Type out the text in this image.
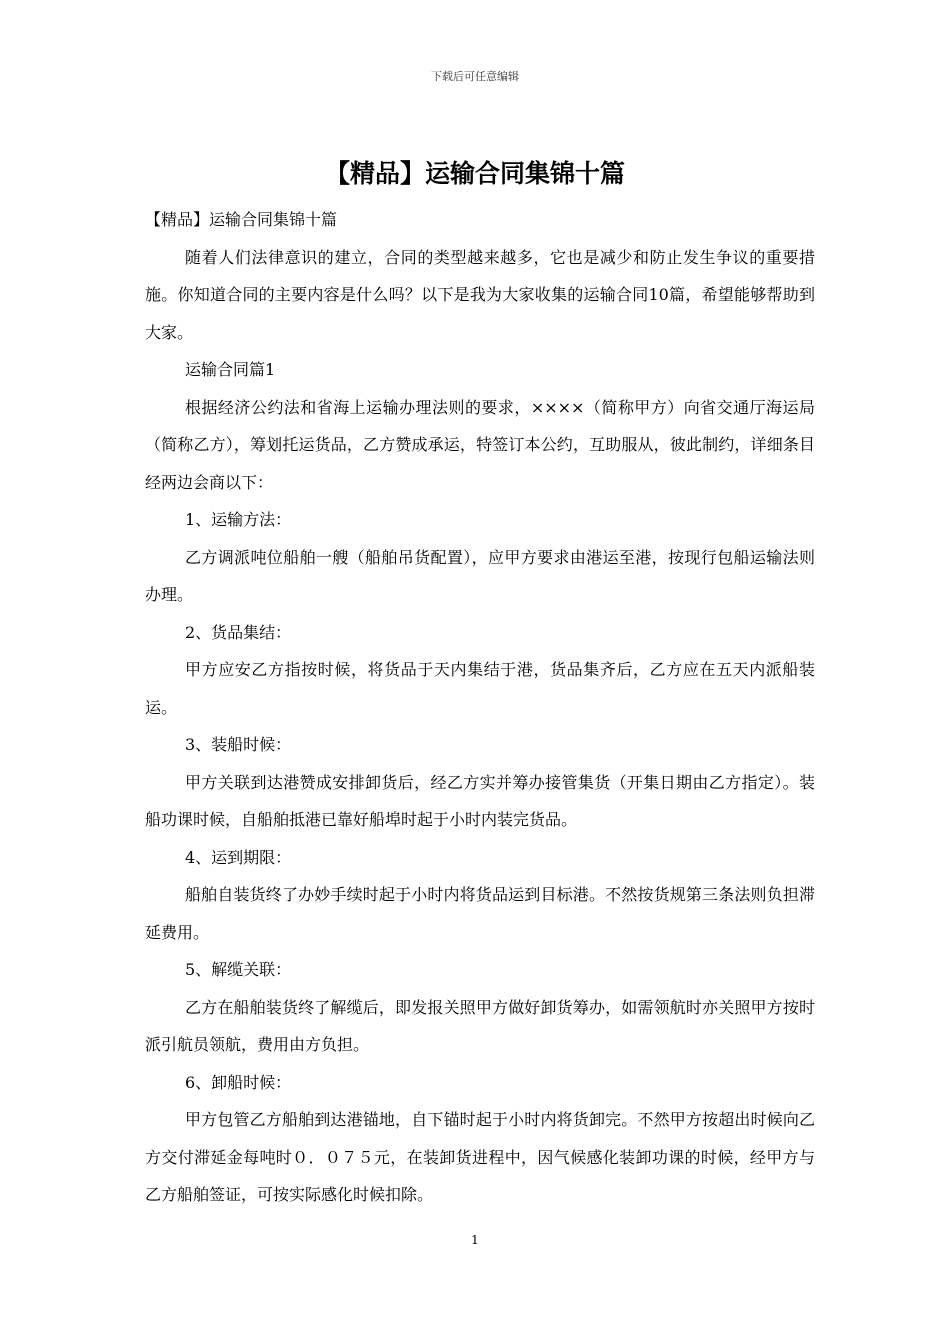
下载后可任意编辑
【精品】运输合同集锦十篇

【精品】运输合同集锦十篇

随着人们法律意识的建立，合同的类型越来越多，它也是减少和防止发生争议的重要措施。你知道合同的主要内容是什么吗？以下是我为大家收集的运输合同10篇，希望能够帮助到大家。

运输合同篇1

根据经济公约法和省海上运输办理法则的要求，××××（简称甲方）向省交通厅海运局（简称乙方），筹划托运货品，乙方赞成承运，特签订本公约，互助服从，彼此制约，详细条目经两边会商以下：

1、运输方法：

乙方调派吨位船舶一艘（船舶吊货配置），应甲方要求由港运至港，按现行包船运输法则办理。

2、货品集结：

甲方应安乙方指按时候，将货品于天内集结于港，货品集齐后，乙方应在五天内派船装运。

3、装船时候：

甲方关联到达港赞成安排卸货后，经乙方实并筹办接管集货（开集日期由乙方指定）。装船功课时候，自船舶抵港已靠好船埠时起于小时内装完货品。

4、运到期限：

船舶自装货终了办妙手续时起于小时内将货品运到目标港。不然按货规第三条法则负担滞延费用。

5、解缆关联：

乙方在船舶装货终了解缆后，即发报关照甲方做好卸货筹办，如需领航时亦关照甲方按时派引航员领航，费用由方负担。

6、卸船时候：

甲方包管乙方船舶到达港锚地，自下锚时起于小时内将货卸完。不然甲方按超出时候向乙方交付滞延金每吨时０．０７５元，在装卸货进程中，因气候感化装卸功课的时候，经甲方与乙方船舶签证，可按实际感化时候扣除。

1
